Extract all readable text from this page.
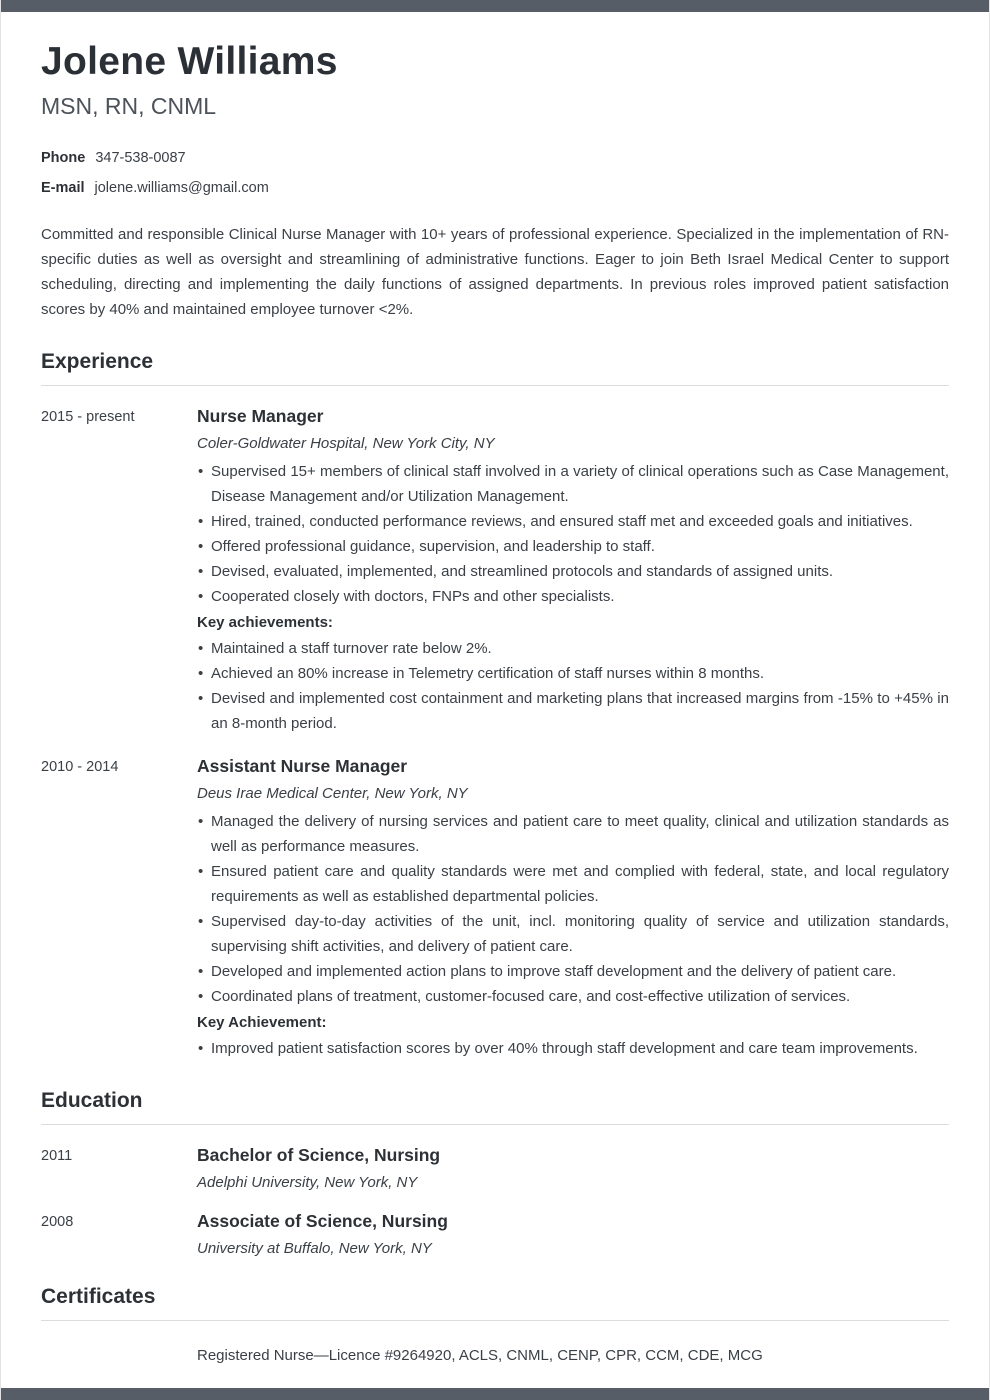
Jolene Williams
MSN, RN, CNML
Phone 347-538-0087
E-mail jolene.williams@gmail.com

Committed and responsible Clinical Nurse Manager with 10+ years of professional experience. Specialized in the implementation of RN-specific duties as well as oversight and streamlining of administrative functions. Eager to join Beth Israel Medical Center to support scheduling, directing and implementing the daily functions of assigned departments. In previous roles improved patient satisfaction scores by 40% and maintained employee turnover <2%.

Experience
2015 - present	Nurse Manager
Coler-Goldwater Hospital, New York City, NY
• Supervised 15+ members of clinical staff involved in a variety of clinical operations such as Case Management, Disease Management and/or Utilization Management.
• Hired, trained, conducted performance reviews, and ensured staff met and exceeded goals and initiatives.
• Offered professional guidance, supervision, and leadership to staff.
• Devised, evaluated, implemented, and streamlined protocols and standards of assigned units.
• Cooperated closely with doctors, FNPs and other specialists.
Key achievements:
• Maintained a staff turnover rate below 2%.
• Achieved an 80% increase in Telemetry certification of staff nurses within 8 months.
• Devised and implemented cost containment and marketing plans that increased margins from -15% to +45% in an 8-month period.
2010 - 2014	Assistant Nurse Manager
Deus Irae Medical Center, New York, NY
• Managed the delivery of nursing services and patient care to meet quality, clinical and utilization standards as well as performance measures.
• Ensured patient care and quality standards were met and complied with federal, state, and local regulatory requirements as well as established departmental policies.
• Supervised day-to-day activities of the unit, incl. monitoring quality of service and utilization standards, supervising shift activities, and delivery of patient care.
• Developed and implemented action plans to improve staff development and the delivery of patient care.
• Coordinated plans of treatment, customer-focused care, and cost-effective utilization of services.
Key Achievement:
• Improved patient satisfaction scores by over 40% through staff development and care team improvements.
Education
2011	Bachelor of Science, Nursing
Adelphi University, New York, NY
2008	Associate of Science, Nursing
University at Buffalo, New York, NY
Certificates
Registered Nurse—Licence #9264920, ACLS, CNML, CENP, CPR, CCM, CDE, MCG
